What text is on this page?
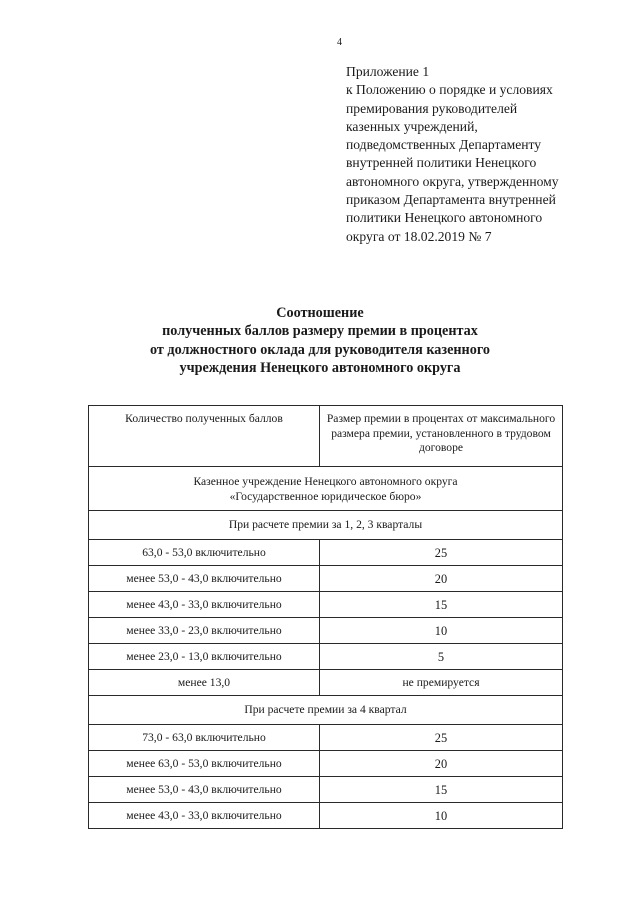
4
Приложение 1
к Положению о порядке и условиях
премирования руководителей
казенных учреждений,
подведомственных Департаменту
внутренней политики Ненецкого
автономного округа, утвержденному
приказом Департамента внутренней
политики Ненецкого автономного
округа от 18.02.2019 № 7
Соотношение
полученных баллов размеру премии в процентах
от должностного оклада для руководителя казенного
учреждения Ненецкого автономного округа
Количество полученных баллов	Размер премии в процентах от максимального размера премии, установленного в трудовом договоре

Казенное учреждение Ненецкого автономного округа
«Государственное юридическое бюро»	

При расчете премии за 1, 2, 3 кварталы	
63,0 - 53,0 включительно	25
менее 53,0 - 43,0 включительно	20
менее 43,0 - 33,0 включительно	15
менее 33,0 - 23,0 включительно	10
менее 23,0 - 13,0 включительно	5
менее 13,0	не премируется
При расчете премии за 4 квартал	
73,0 - 63,0 включительно	25
менее 63,0 - 53,0 включительно	20
менее 53,0 - 43,0 включительно	15
менее 43,0 - 33,0 включительно	10
